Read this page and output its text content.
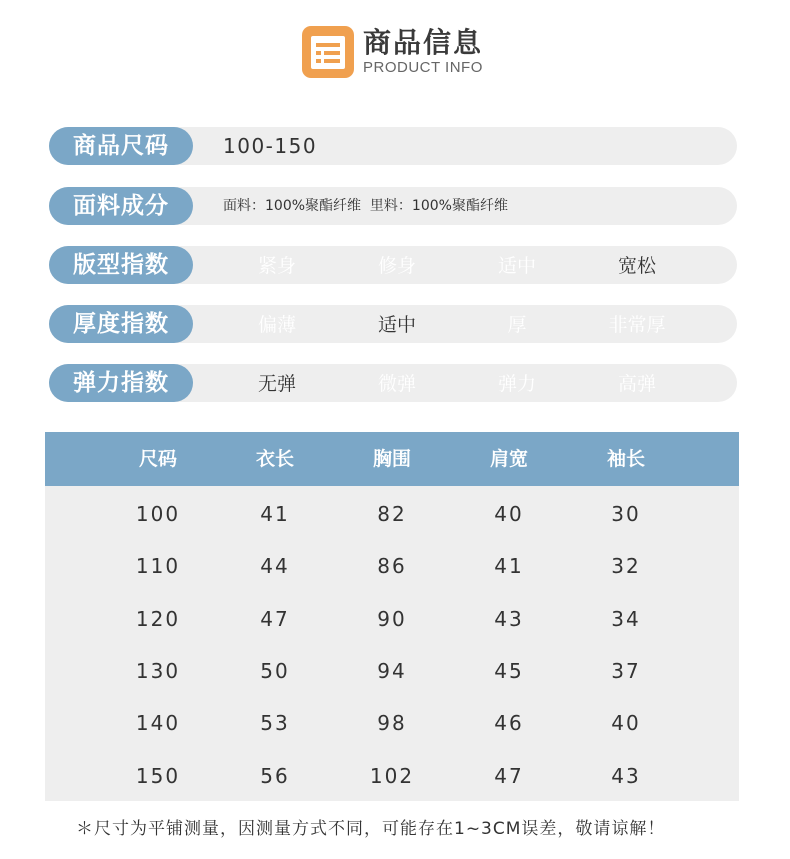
商品信息
PRODUCT INFO
商品尺码	100-150
面料成分	面料：100%聚酯纤维  里料：100%聚酯纤维
版型指数	紧身	修身	适中	宽松
厚度指数	偏薄	适中	厚	非常厚
弹力指数	无弹	微弹	弹力	高弹
尺码	衣长	胸围	肩宽	袖长
100	41	82	40	30
110	44	86	41	32
120	47	90	43	34
130	50	94	45	37
140	53	98	46	40
150	56	102	47	43
＊尺寸为平铺测量，因测量方式不同，可能存在1~3CM误差，敬请谅解！
